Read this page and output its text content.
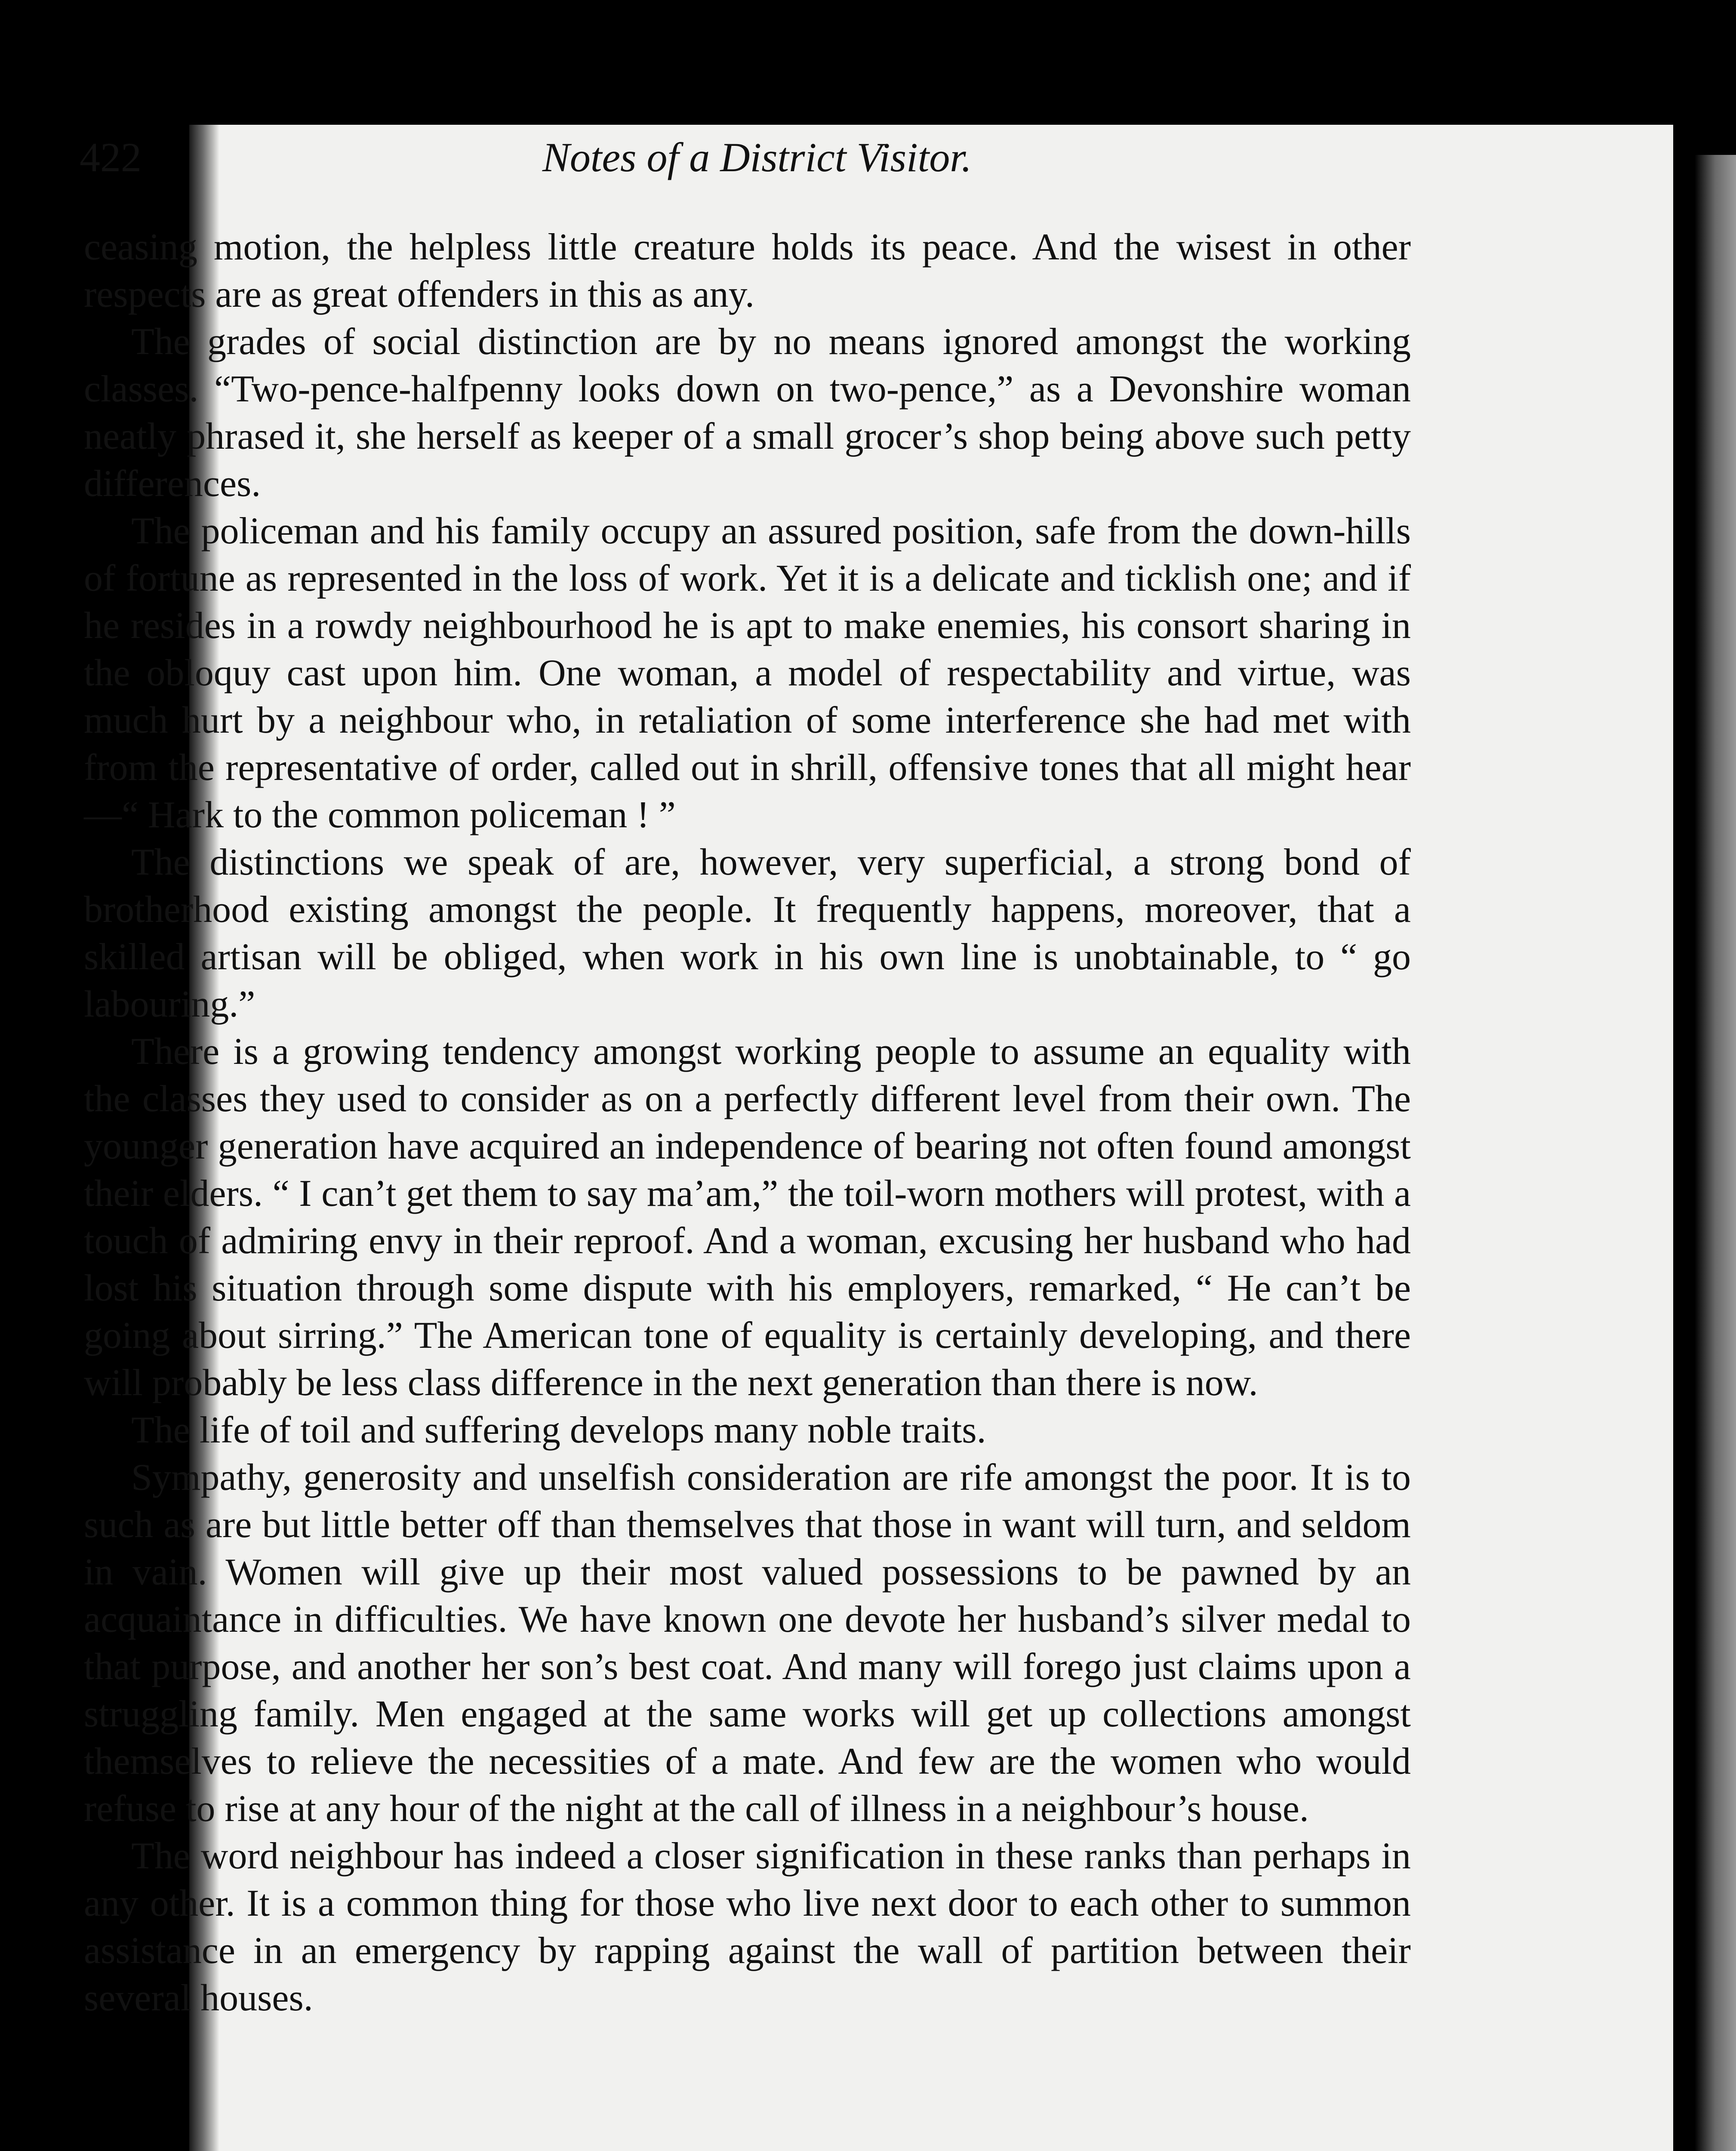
422	Notes of a District Visitor.

ceasing motion, the helpless little creature holds its peace. And the wisest in other respects are as great offenders in this as any.

The grades of social distinction are by no means ignored amongst the working classes. “Two-pence-halfpenny looks down on two-pence,” as a Devonshire woman neatly phrased it, she herself as keeper of a small grocer’s shop being above such petty differences.

The policeman and his family occupy an assured position, safe from the down-hills of fortune as represented in the loss of work. Yet it is a delicate and ticklish one; and if he resides in a rowdy neighbourhood he is apt to make enemies, his consort sharing in the obloquy cast upon him. One woman, a model of respectability and virtue, was much hurt by a neighbour who, in retaliation of some interference she had met with from the representative of order, called out in shrill, offensive tones that all might hear—“ Hark to the common policeman ! ”

The distinctions we speak of are, however, very superficial, a strong bond of brotherhood existing amongst the people. It frequently happens, moreover, that a skilled artisan will be obliged, when work in his own line is unobtainable, to “ go labouring.”

There is a growing tendency amongst working people to assume an equality with the classes they used to consider as on a perfectly different level from their own. The younger generation have acquired an independence of bearing not often found amongst their elders. “ I can’t get them to say ma’am,” the toil-worn mothers will protest, with a touch of admiring envy in their reproof. And a woman, excusing her husband who had lost his situation through some dispute with his employers, remarked, “ He can’t be going about sirring.” The American tone of equality is certainly developing, and there will probably be less class difference in the next generation than there is now.

The life of toil and suffering develops many noble traits.

Sympathy, generosity and unselfish consideration are rife amongst the poor. It is to such as are but little better off than themselves that those in want will turn, and seldom in vain. Women will give up their most valued possessions to be pawned by an acquaintance in difficulties. We have known one devote her husband’s silver medal to that purpose, and another her son’s best coat. And many will forego just claims upon a struggling family. Men engaged at the same works will get up collections amongst themselves to relieve the necessities of a mate. And few are the women who would refuse to rise at any hour of the night at the call of illness in a neighbour’s house.

The word neighbour has indeed a closer signification in these ranks than perhaps in any other. It is a common thing for those who live next door to each other to summon assistance in an emergency by rapping against the wall of partition between their several houses.
